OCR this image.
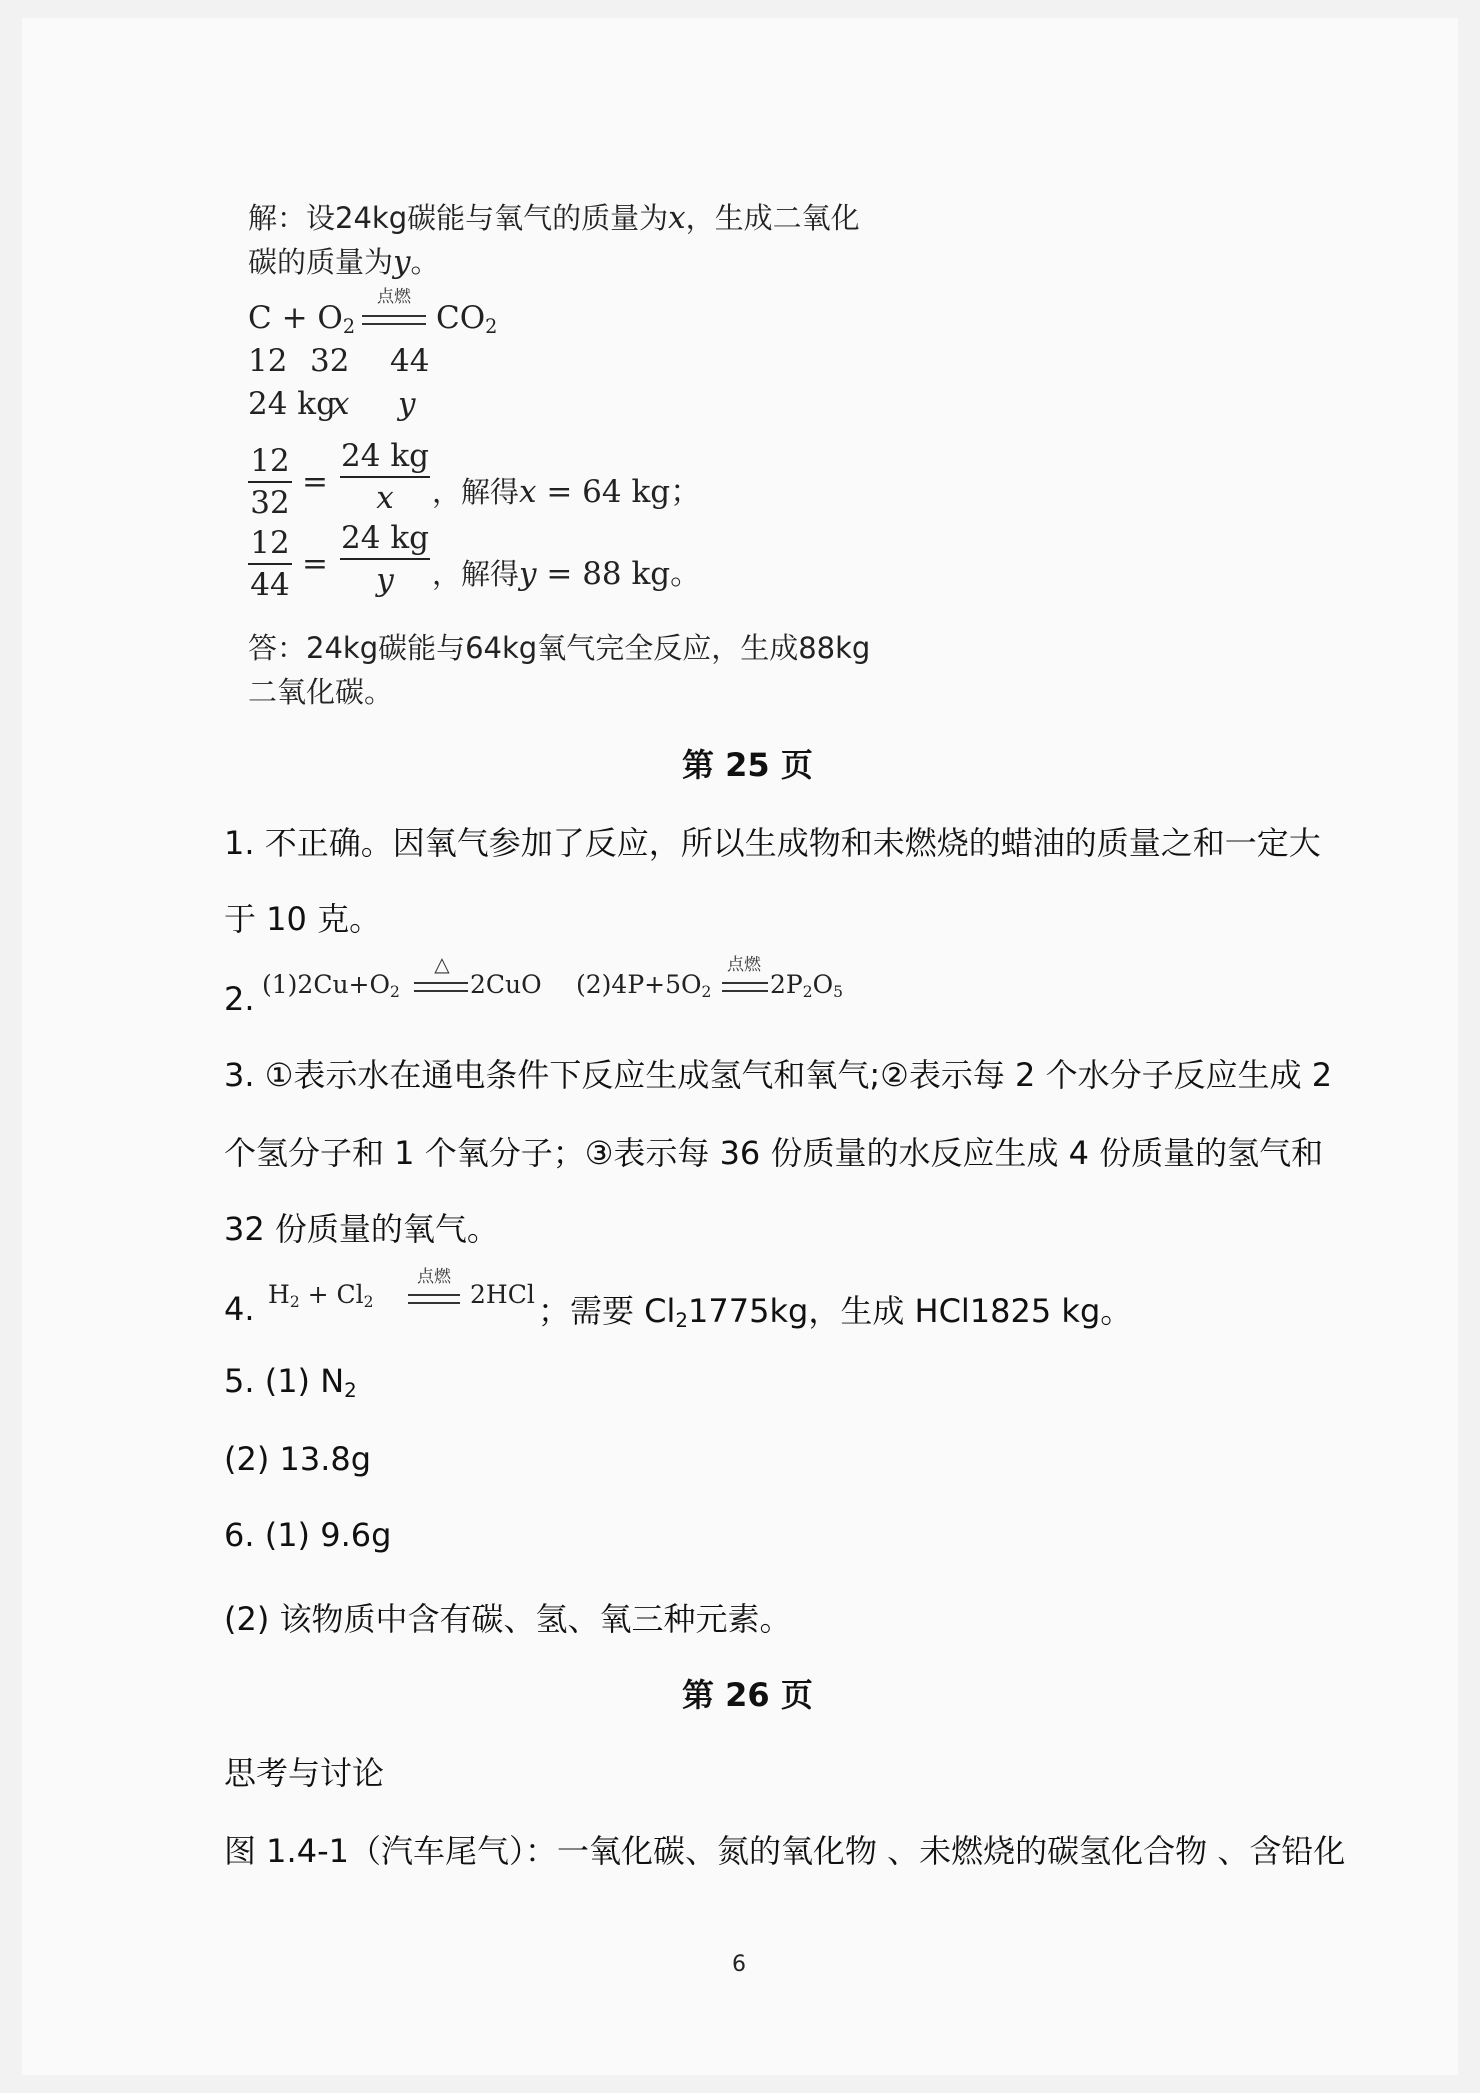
解：设24kg碳能与氧气的质量为x，生成二氧化
碳的质量为y。
$C + O_2$
点燃
$CO_2$
12 32 44
24 kg
x y
12
32
=
24 kg
x	，解得x = 64 kg；
12
44
=
24 kg
y	，解得y = 88 kg。
答：24kg碳能与64kg氧气完全反应，生成88kg
二氧化碳。
第 25 页
1. 不正确。因氧气参加了反应，所以生成物和未燃烧的蜡油的质量之和一定大
于 10 克。
2. $(1)2Cu+O_2$
△
2CuO $(2)4P+5O_2$
点燃
$2P_2O_5$
3. ①表示水在通电条件下反应生成氢气和氧气;②表示每 2 个水分子反应生成 2
个氢分子和 1 个氧分子；③表示每 36 份质量的水反应生成 4 份质量的氢气和
32 份质量的氧气。
4. $H_2 + Cl_2$
点燃
2HCl ；需要 $Cl_21775kg$，生成 HCl1825 kg。
5. (1) $N_2$
(2) 13.8g
6. (1) 9.6g
(2) 该物质中含有碳、氢、氧三种元素。
第 26 页
思考与讨论
图 1.4-1（汽车尾气）：一氧化碳、氮的氧化物 、未燃烧的碳氢化合物 、含铅化
6
